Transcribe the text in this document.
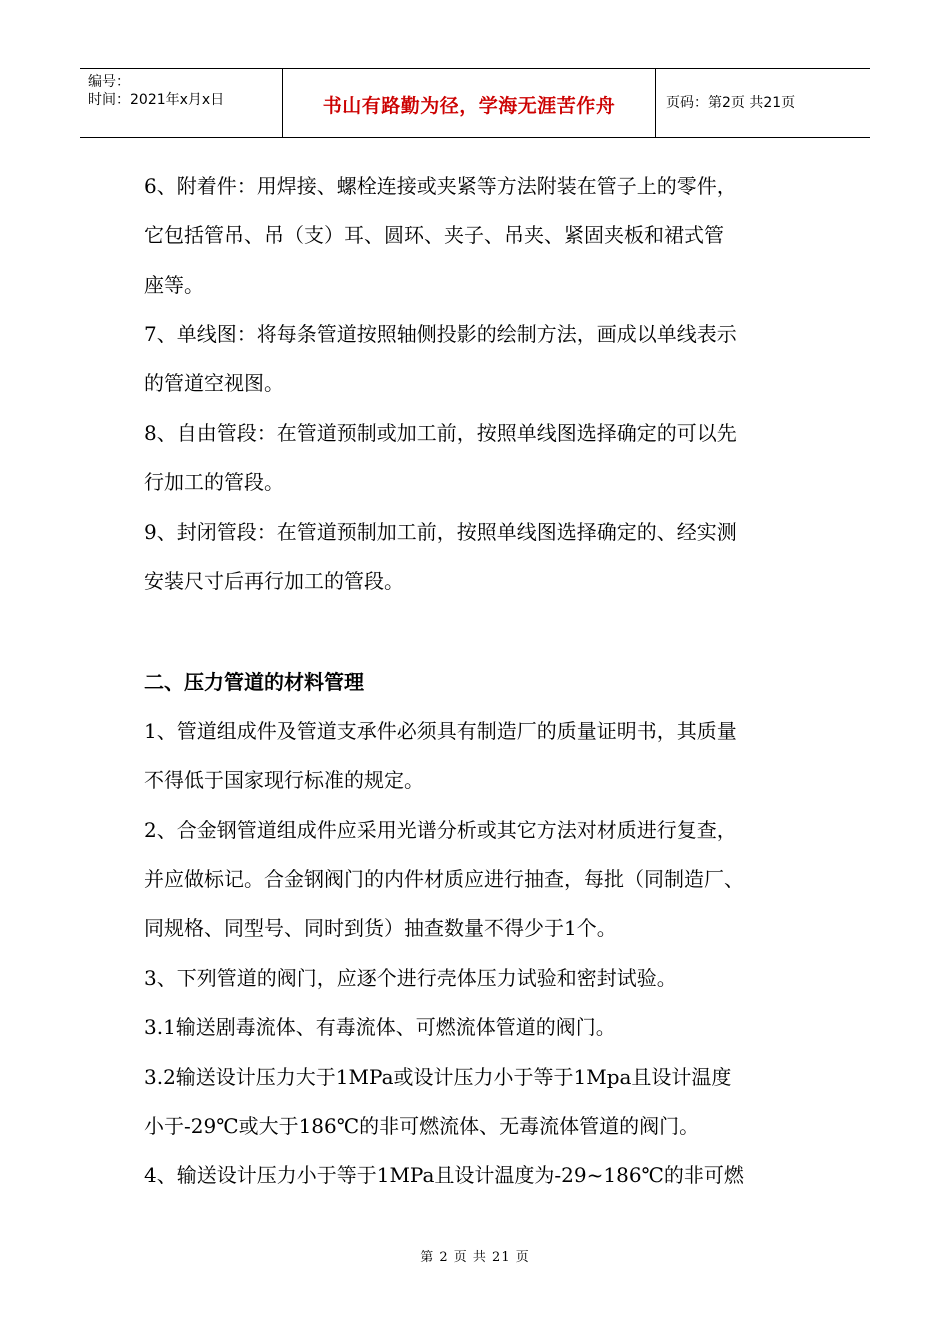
编号：
时间：2021年x月x日	书山有路勤为径，学海无涯苦作舟	页码：第2页 共21页
6、附着件：用焊接、螺栓连接或夹紧等方法附装在管子上的零件，
它包括管吊、吊（支）耳、圆环、夹子、吊夹、紧固夹板和裙式管
座等。
7、单线图：将每条管道按照轴侧投影的绘制方法，画成以单线表示
的管道空视图。
8、自由管段：在管道预制或加工前，按照单线图选择确定的可以先
行加工的管段。
9、封闭管段：在管道预制加工前，按照单线图选择确定的、经实测
安装尺寸后再行加工的管段。
二、压力管道的材料管理
1、管道组成件及管道支承件必须具有制造厂的质量证明书，其质量
不得低于国家现行标准的规定。
2、合金钢管道组成件应采用光谱分析或其它方法对材质进行复查，
并应做标记。合金钢阀门的内件材质应进行抽查，每批（同制造厂、
同规格、同型号、同时到货）抽查数量不得少于1个。
3、下列管道的阀门，应逐个进行壳体压力试验和密封试验。
3.1输送剧毒流体、有毒流体、可燃流体管道的阀门。
3.2输送设计压力大于1MPa或设计压力小于等于1Mpa且设计温度
小于-29℃或大于186℃的非可燃流体、无毒流体管道的阀门。
4、输送设计压力小于等于1MPa且设计温度为-29~186℃的非可燃
第 2 页 共 21 页
